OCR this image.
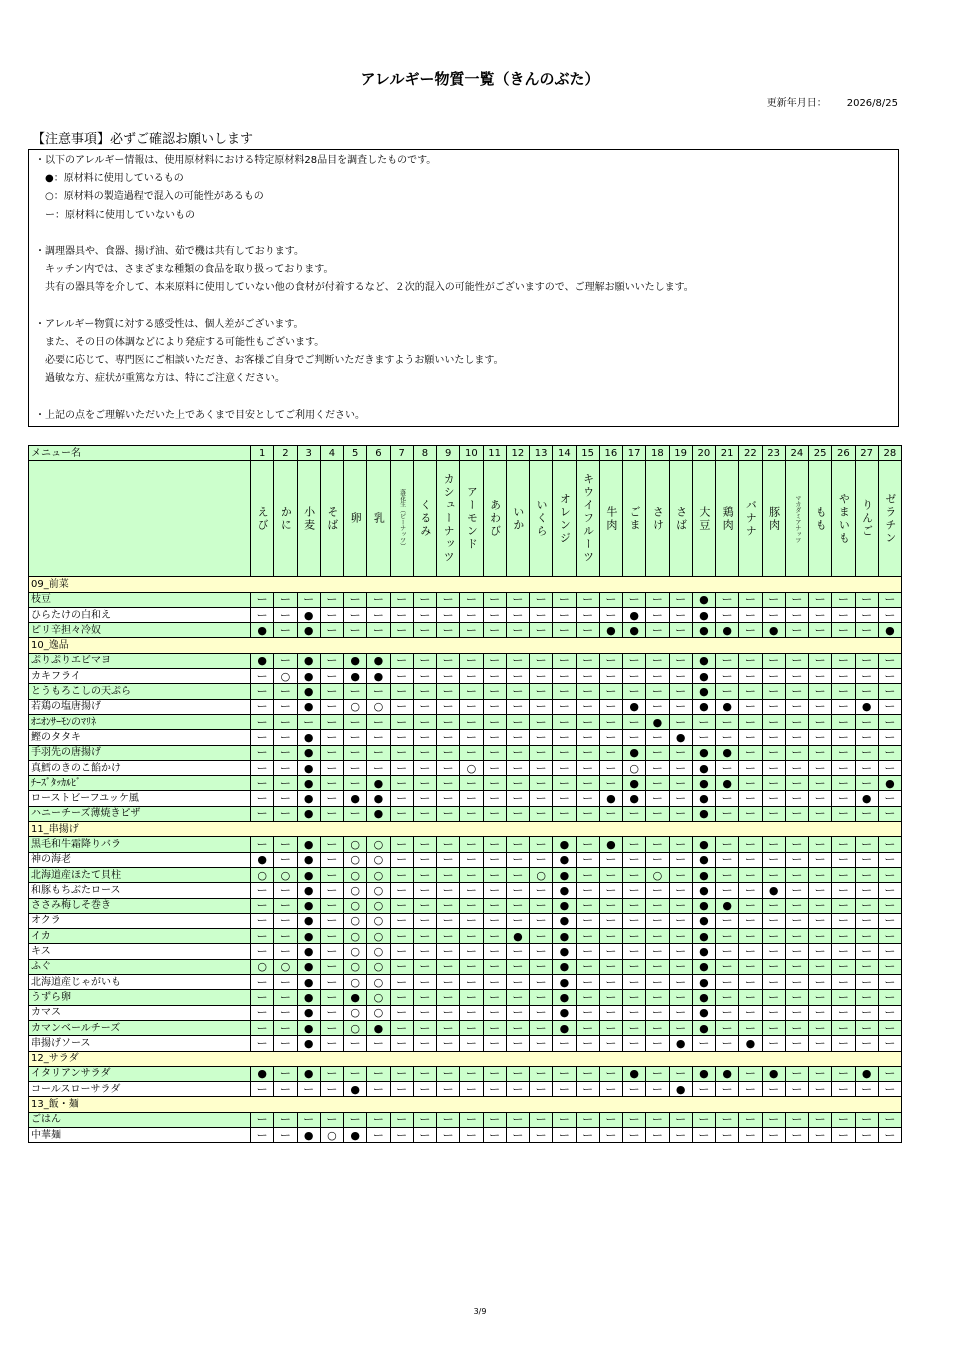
アレルギー物質一覧（きんのぶた）
更新年月日： 2026/8/25
【注意事項】必ずご確認お願いします
・以下のアレルギー情報は、使用原材料における特定原材料28品目を調査したものです。
　●：原材料に使用しているもの
　○：原材料の製造過程で混入の可能性があるもの
　ー：原材料に使用していないもの
・調理器具や、食器、揚げ油、茹で機は共有しております。
　キッチン内では、さまざまな種類の食品を取り扱っております。
　共有の器具等を介して、本来原料に使用していない他の食材が付着するなど、２次的混入の可能性がございますので、ご理解お願いいたします。
・アレルギー物質に対する感受性は、個人差がございます。
　また、その日の体調などにより発症する可能性もございます。
　必要に応じて、専門医にご相談いただき、お客様ご自身でご判断いただきますようお願いいたします。
　過敏な方、症状が重篤な方は、特にご注意ください。
・上記の点をご理解いただいた上であくまで目安としてご利用ください。
メニュー名	1	2	3	4	5	6	7	8	9	10	11	12	13	14	15	16	17	18	19	20	21	22	23	24	25	26	27	28
	えび	かに	小麦	そば	卵	乳	落花生（ピーナッツ）	くるみ	カシューナッツ	アーモンド	あわび	いか	いくら	オレンジ	キウイフルーツ	牛肉	ごま	さけ	さば	大豆	鶏肉	バナナ	豚肉	マカダミアナッツ	もも	やまいも	りんご	ゼラチン
09_前菜																												
枝豆	ー	ー	ー	ー	ー	ー	ー	ー	ー	ー	ー	ー	ー	ー	ー	ー	ー	ー	ー	●	ー	ー	ー	ー	ー	ー	ー	ー
ひらたけの白和え	ー	ー	●	ー	ー	ー	ー	ー	ー	ー	ー	ー	ー	ー	ー	ー	●	ー	ー	●	ー	ー	ー	ー	ー	ー	ー	ー
ピリ辛担々冷奴	●	ー	●	ー	ー	ー	ー	ー	ー	ー	ー	ー	ー	ー	ー	●	●	ー	ー	●	●	ー	●	ー	ー	ー	ー	●
10_逸品																												
ぷりぷりエビマヨ	●	ー	●	ー	●	●	ー	ー	ー	ー	ー	ー	ー	ー	ー	ー	ー	ー	ー	●	ー	ー	ー	ー	ー	ー	ー	ー
カキフライ	ー	○	●	ー	●	●	ー	ー	ー	ー	ー	ー	ー	ー	ー	ー	ー	ー	ー	●	ー	ー	ー	ー	ー	ー	ー	ー
とうもろこしの天ぷら	ー	ー	●	ー	ー	ー	ー	ー	ー	ー	ー	ー	ー	ー	ー	ー	ー	ー	ー	●	ー	ー	ー	ー	ー	ー	ー	ー
若鶏の塩唐揚げ	ー	ー	●	ー	○	○	ー	ー	ー	ー	ー	ー	ー	ー	ー	ー	●	ー	ー	●	●	ー	ー	ー	ー	ー	●	ー
ｵﾆｵﾝｻｰﾓﾝのﾏﾘﾈ	ー	ー	ー	ー	ー	ー	ー	ー	ー	ー	ー	ー	ー	ー	ー	ー	ー	●	ー	ー	ー	ー	ー	ー	ー	ー	ー	ー
鰹のタタキ	ー	ー	●	ー	ー	ー	ー	ー	ー	ー	ー	ー	ー	ー	ー	ー	ー	ー	●	ー	ー	ー	ー	ー	ー	ー	ー	ー
手羽先の唐揚げ	ー	ー	●	ー	ー	ー	ー	ー	ー	ー	ー	ー	ー	ー	ー	ー	●	ー	ー	●	●	ー	ー	ー	ー	ー	ー	ー
真鱈のきのこ餡かけ	ー	ー	●	ー	ー	ー	ー	ー	ー	○	ー	ー	ー	ー	ー	ー	○	ー	ー	●	ー	ー	ー	ー	ー	ー	ー	ー
ﾁｰｽﾞﾀｯｶﾙﾋﾞ	ー	ー	●	ー	ー	●	ー	ー	ー	ー	ー	ー	ー	ー	ー	ー	●	ー	ー	●	●	ー	ー	ー	ー	ー	ー	●
ローストビーフユッケ風	ー	ー	●	ー	●	●	ー	ー	ー	ー	ー	ー	ー	ー	ー	●	●	ー	ー	●	ー	ー	ー	ー	ー	ー	●	ー
ハニーチーズ薄焼きピザ	ー	ー	●	ー	ー	●	ー	ー	ー	ー	ー	ー	ー	ー	ー	ー	ー	ー	ー	●	ー	ー	ー	ー	ー	ー	ー	ー
11_串揚げ																												
黒毛和牛霜降りバラ	ー	ー	●	ー	○	○	ー	ー	ー	ー	ー	ー	ー	●	ー	●	ー	ー	ー	●	ー	ー	ー	ー	ー	ー	ー	ー
神の海老	●	ー	●	ー	○	○	ー	ー	ー	ー	ー	ー	ー	●	ー	ー	ー	ー	ー	●	ー	ー	ー	ー	ー	ー	ー	ー
北海道産ほたて貝柱	○	○	●	ー	○	○	ー	ー	ー	ー	ー	ー	○	●	ー	ー	ー	○	ー	●	ー	ー	ー	ー	ー	ー	ー	ー
和豚もちぶたロース	ー	ー	●	ー	○	○	ー	ー	ー	ー	ー	ー	ー	●	ー	ー	ー	ー	ー	●	ー	ー	●	ー	ー	ー	ー	ー
ささみ梅しそ巻き	ー	ー	●	ー	○	○	ー	ー	ー	ー	ー	ー	ー	●	ー	ー	ー	ー	ー	●	●	ー	ー	ー	ー	ー	ー	ー
オクラ	ー	ー	●	ー	○	○	ー	ー	ー	ー	ー	ー	ー	●	ー	ー	ー	ー	ー	●	ー	ー	ー	ー	ー	ー	ー	ー
イカ	ー	ー	●	ー	○	○	ー	ー	ー	ー	ー	●	ー	●	ー	ー	ー	ー	ー	●	ー	ー	ー	ー	ー	ー	ー	ー
キス	ー	ー	●	ー	○	○	ー	ー	ー	ー	ー	ー	ー	●	ー	ー	ー	ー	ー	●	ー	ー	ー	ー	ー	ー	ー	ー
ふぐ	○	○	●	ー	○	○	ー	ー	ー	ー	ー	ー	ー	●	ー	ー	ー	ー	ー	●	ー	ー	ー	ー	ー	ー	ー	ー
北海道産じゃがいも	ー	ー	●	ー	○	○	ー	ー	ー	ー	ー	ー	ー	●	ー	ー	ー	ー	ー	●	ー	ー	ー	ー	ー	ー	ー	ー
うずら卵	ー	ー	●	ー	●	○	ー	ー	ー	ー	ー	ー	ー	●	ー	ー	ー	ー	ー	●	ー	ー	ー	ー	ー	ー	ー	ー
カマス	ー	ー	●	ー	○	○	ー	ー	ー	ー	ー	ー	ー	●	ー	ー	ー	ー	ー	●	ー	ー	ー	ー	ー	ー	ー	ー
カマンベールチーズ	ー	ー	●	ー	○	●	ー	ー	ー	ー	ー	ー	ー	●	ー	ー	ー	ー	ー	●	ー	ー	ー	ー	ー	ー	ー	ー
串揚げソース	ー	ー	●	ー	ー	ー	ー	ー	ー	ー	ー	ー	ー	ー	ー	ー	ー	ー	●	ー	ー	●	ー	ー	ー	ー	ー	ー
12_サラダ																												
イタリアンサラダ	●	ー	●	ー	ー	ー	ー	ー	ー	ー	ー	ー	ー	ー	ー	ー	●	ー	ー	●	●	ー	●	ー	ー	ー	●	ー
コールスローサラダ	ー	ー	ー	ー	●	ー	ー	ー	ー	ー	ー	ー	ー	ー	ー	ー	ー	ー	●	ー	ー	ー	ー	ー	ー	ー	ー	ー
13_飯・麺																												
ごはん	ー	ー	ー	ー	ー	ー	ー	ー	ー	ー	ー	ー	ー	ー	ー	ー	ー	ー	ー	ー	ー	ー	ー	ー	ー	ー	ー	ー
中華麺	ー	ー	●	○	●	ー	ー	ー	ー	ー	ー	ー	ー	ー	ー	ー	ー	ー	ー	ー	ー	ー	ー	ー	ー	ー	ー	ー
3/9
